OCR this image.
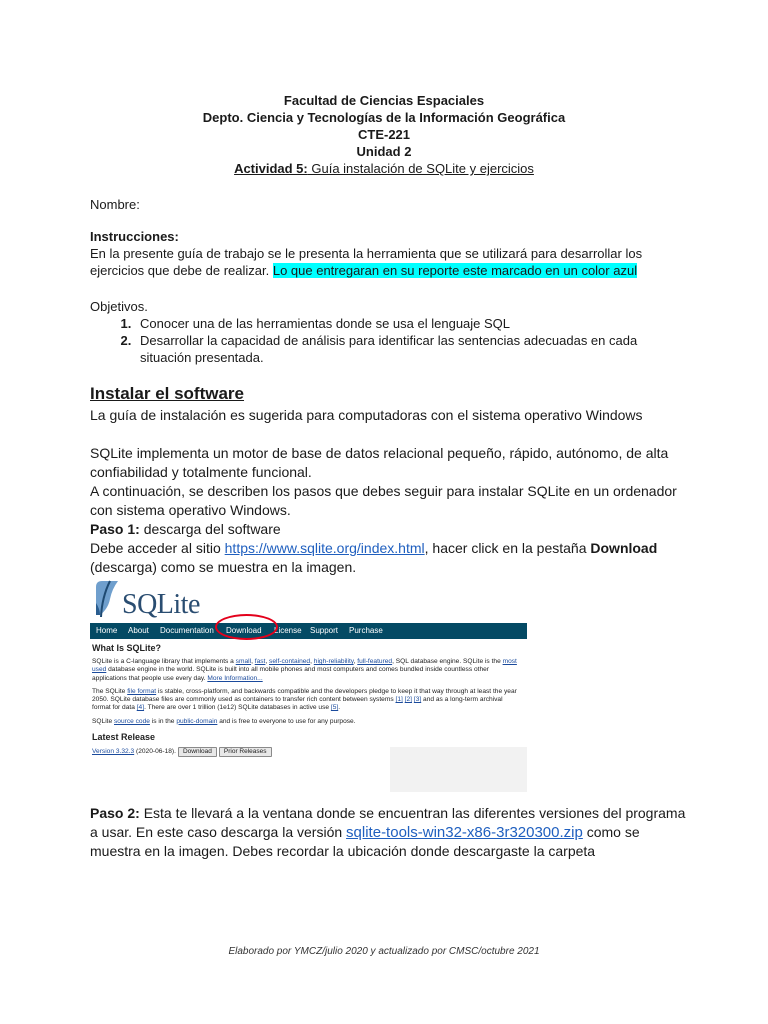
Facultad de Ciencias Espaciales
Depto. Ciencia y Tecnologías de la Información Geográfica
CTE-221
Unidad 2
Actividad 5: Guía instalación de SQLite y ejercicios
Nombre:
Instrucciones:
En la presente guía de trabajo se le presenta la herramienta que se utilizará para desarrollar los ejercicios que debe de realizar. Lo que entregaran en su reporte este marcado en un color azul
Objetivos.
1. Conocer una de las herramientas donde se usa el lenguaje SQL
2. Desarrollar la capacidad de análisis para identificar las sentencias adecuadas en cada situación presentada.
Instalar el software
La guía de instalación es sugerida para computadoras con el sistema operativo Windows
SQLite implementa un motor de base de datos relacional pequeño, rápido, autónomo, de alta confiabilidad y totalmente funcional.
A continuación, se describen los pasos que debes seguir para instalar SQLite en un ordenador con sistema operativo Windows.
Paso 1: descarga del software
Debe acceder al sitio https://www.sqlite.org/index.html, hacer click en la pestaña Download
(descarga) como se muestra en la imagen.
SQLite
Home About Documentation Download License Support Purchase
What Is SQLite?
SQLite is a C-language library that implements a small, fast, self-contained, high-reliability, full-featured, SQL database engine. SQLite is the most used database engine in the world. SQLite is built into all mobile phones and most computers and comes bundled inside countless other applications that people use every day. More Information...
The SQLite file format is stable, cross-platform, and backwards compatible and the developers pledge to keep it that way through at least the year 2050. SQLite database files are commonly used as containers to transfer rich content between systems [1] [2] [3] and as a long-term archival format for data [4]. There are over 1 trillion (1e12) SQLite databases in active use [5].
SQLite source code is in the public-domain and is free to everyone to use for any purpose.
Latest Release
Version 3.32.3 (2020-06-18). Download Prior Releases
Paso 2: Esta te llevará a la ventana donde se encuentran las diferentes versiones del programa a usar. En este caso descarga la versión sqlite-tools-win32-x86-3r320300.zip como se muestra en la imagen. Debes recordar la ubicación donde descargaste la carpeta
Elaborado por YMCZ/julio 2020 y actualizado por CMSC/octubre 2021
